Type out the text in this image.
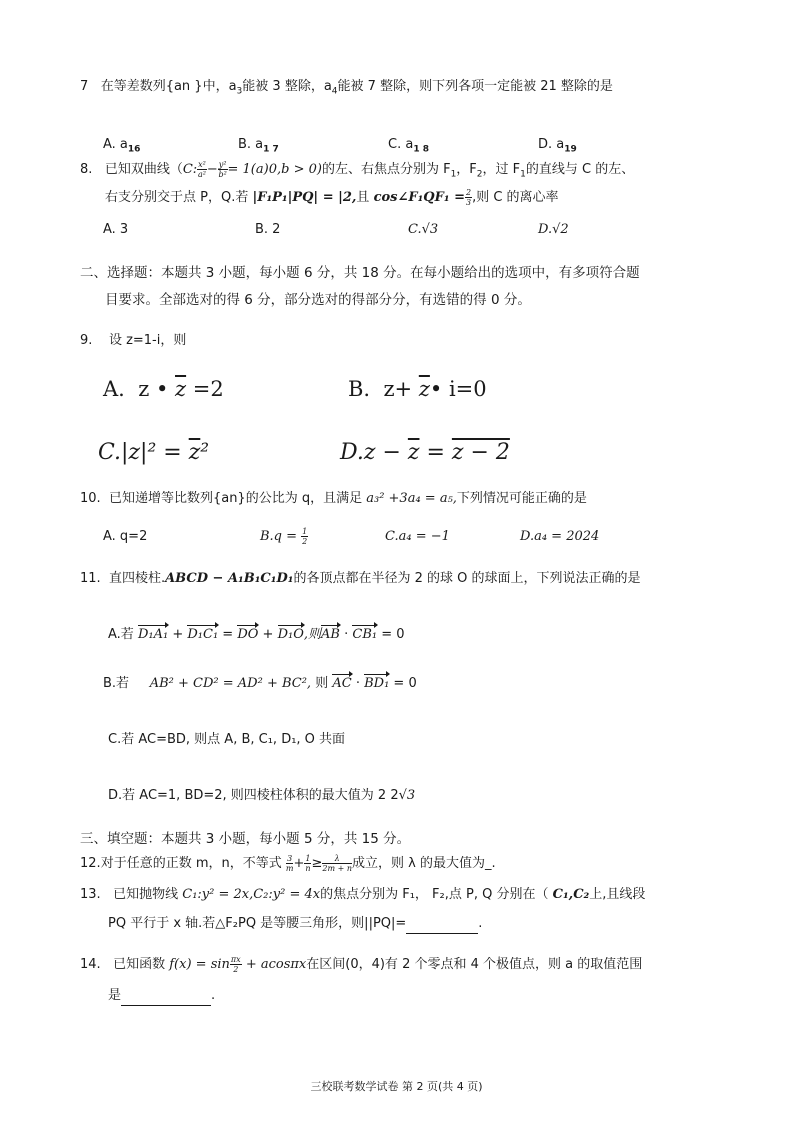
7 在等差数列{an }中，$a_3$能被 3 整除，$a_4$能被 7 整除，则下列各项一定能被 21 整除的是
A. $a_{16}$	B. $a_{1 7}$	C. $a_{1 8}$	D. $a_{19}$
8. 已知双曲线（C: $\frac{\text{x²}}{\text{a²}} - \frac{\text{y²}}{\text{b²}} = 1(a)0,b > 0$)的左、右焦点分别为 $F_1$，$F_2$，过 $F_1$的直线与 C 的左、
右支分别交于点 P，Q.若 |F₁P₁|PQ| = |2,且 cos∠F₁QF₁ = $\frac{2}{3}$ ,则 C 的离心率
A. 3	B. 2	C.√3	D.√2
二、选择题：本题共 3 小题，每小题 6 分，共 18 分。在每小题给出的选项中，有多项符合题
目要求。全部选对的得 6 分，部分选对的得部分分，有选错的得 0 分。
9. 设 z=1-i，则
A. z • $\overline{z} =2$	B. $z+ \overline{z}•$ i=0
$C.|z|^2 = \overline{z}^2$	$D.z - \overline{z} = z - 2$
10. 已知递增等比数列{an}的公比为 q，且满足 a₃² +3a₄ = a₅,下列情况可能正确的是
A. q=2	$B.q = \frac{1}{2}$	C.a₄ = −1	D.a₄ = 2024
11. 直四棱柱.ABCD − A₁B₁C₁D₁的各顶点都在半径为 2 的球 O 的球面上，下列说法正确的是
A.若 D₁A₁ + D₁C₁ = DO + D₁O,则AB · CB₁ = 0
B.若 AB² + CD² = AD² + BC², 则 AC · BD₁ = 0
C.若 AC=BD, 则点 A, B, C₁, D₁, O 共面
D.若 AC=1, BD=2, 则四棱柱体积的最大值为 2 2√3
三、填空题：本题共 3 小题，每小题 5 分，共 15 分。
12.对于任意的正数 m，n，不等式 $\frac{3}{m} + \frac{1}{n} \ge \frac{\lambda}{2m + n}$ 成立，则 λ 的最大值为_.
13. 已知抛物线 C₁:y² = 2x,C₂:y² = 4x的焦点分别为 F₁， F₂,点 P, Q 分别在（ C₁,C₂上,且线段
PQ 平行于 x 轴.若△F₂PQ 是等腰三角形，则||PQ|=	.
14. 已知函数 $f(x) = \sin \frac{\pi x}{2} + acos\pi x$在区间(0，4)有 2 个零点和 4 个极值点，则 a 的取值范围
是	.
三校联考数学试卷 第 2 页(共 4 页)
